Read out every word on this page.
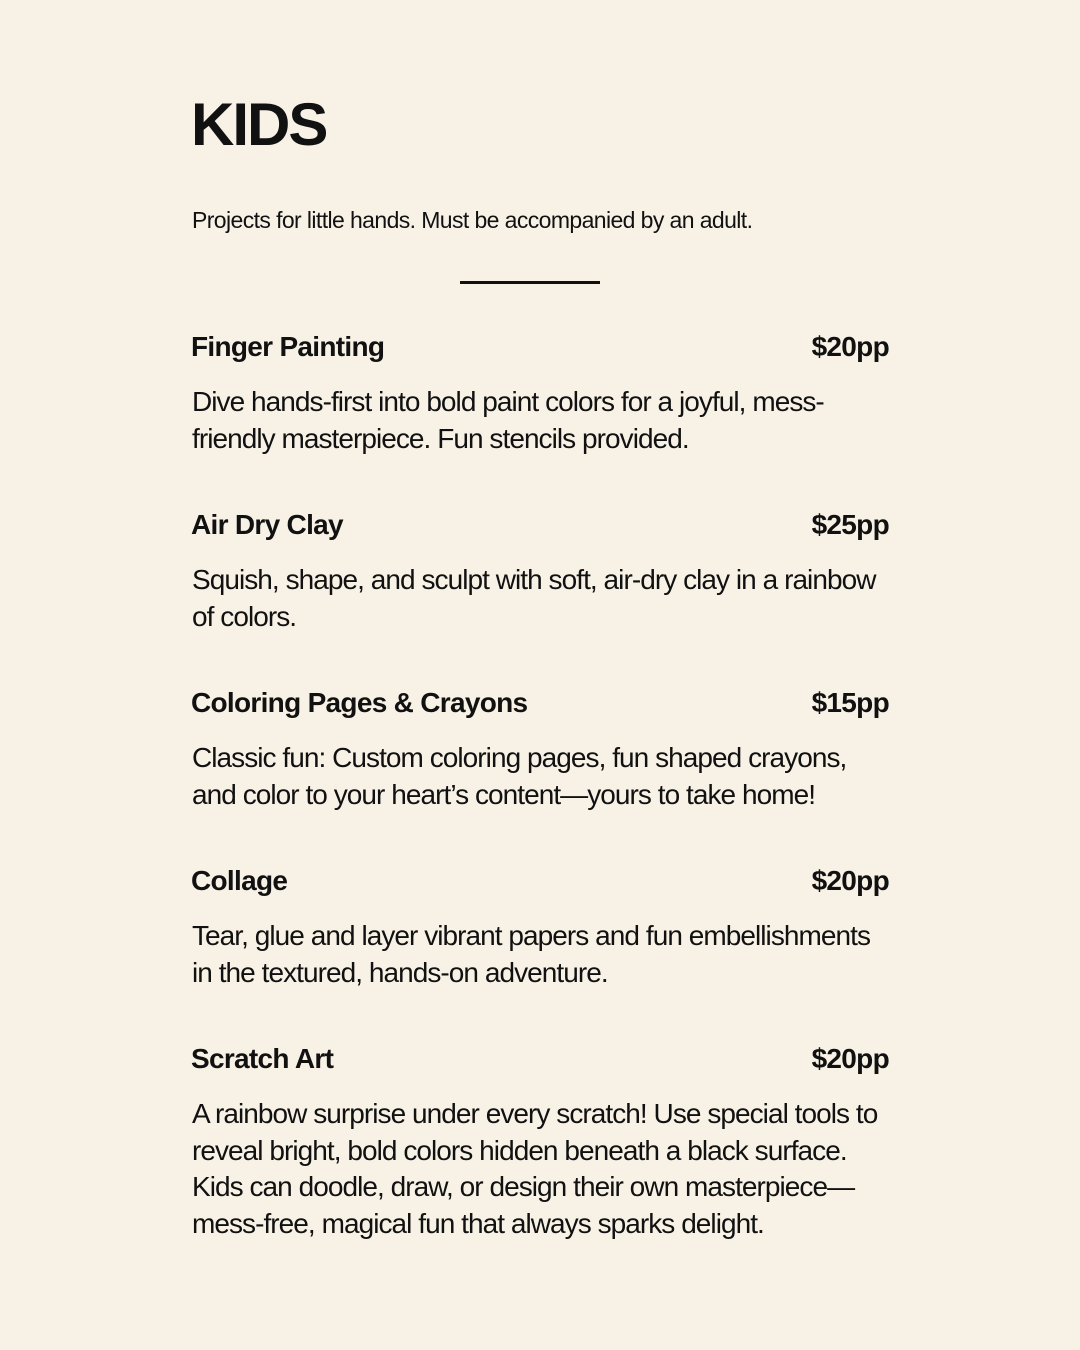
KIDS

Projects for little hands. Must be accompanied by an adult.

Finger Painting	$20pp

Dive hands-first into bold paint colors for a joyful, mess-friendly masterpiece. Fun stencils provided.

Air Dry Clay	$25pp

Squish, shape, and sculpt with soft, air-dry clay in a rainbow of colors.

Coloring Pages & Crayons	$15pp

Classic fun: Custom coloring pages, fun shaped crayons, and color to your heart’s content—yours to take home!

Collage	$20pp

Tear, glue and layer vibrant papers and fun embellishments in the textured, hands-on adventure.

Scratch Art	$20pp

A rainbow surprise under every scratch! Use special tools to reveal bright, bold colors hidden beneath a black surface. Kids can doodle, draw, or design their own masterpiece—mess-free, magical fun that always sparks delight.
